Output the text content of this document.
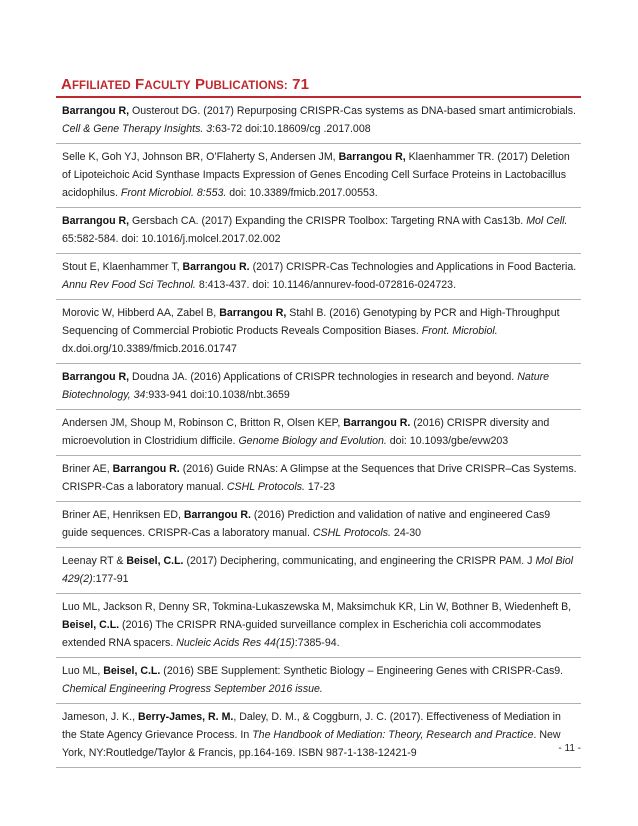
AFFILIATED FACULTY PUBLICATIONS: 71
Barrangou R, Ousterout DG. (2017) Repurposing CRISPR-Cas systems as DNA-based smart antimicrobials. Cell & Gene Therapy Insights. 3:63-72 doi:10.18609/cg .2017.008
Selle K, Goh YJ, Johnson BR, O’Flaherty S, Andersen JM, Barrangou R, Klaenhammer TR. (2017) Deletion of Lipoteichoic Acid Synthase Impacts Expression of Genes Encoding Cell Surface Proteins in Lactobacillus acidophilus. Front Microbiol. 8:553. doi: 10.3389/fmicb.2017.00553.
Barrangou R, Gersbach CA. (2017) Expanding the CRISPR Toolbox: Targeting RNA with Cas13b. Mol Cell. 65:582-584. doi: 10.1016/j.molcel.2017.02.002
Stout E, Klaenhammer T, Barrangou R. (2017) CRISPR-Cas Technologies and Applications in Food Bacteria. Annu Rev Food Sci Technol. 8:413-437. doi: 10.1146/annurev-food-072816-024723.
Morovic W, Hibberd AA, Zabel B, Barrangou R, Stahl B. (2016) Genotyping by PCR and High-Throughput Sequencing of Commercial Probiotic Products Reveals Composition Biases. Front. Microbiol. dx.doi.org/10.3389/fmicb.2016.01747
Barrangou R, Doudna JA. (2016) Applications of CRISPR technologies in research and beyond. Nature Biotechnology, 34:933-941 doi:10.1038/nbt.3659
Andersen JM, Shoup M, Robinson C, Britton R, Olsen KEP, Barrangou R. (2016) CRISPR diversity and microevolution in Clostridium difficile. Genome Biology and Evolution. doi: 10.1093/gbe/evw203
Briner AE, Barrangou R. (2016) Guide RNAs: A Glimpse at the Sequences that Drive CRISPR–Cas Systems. CRISPR-Cas a laboratory manual. CSHL Protocols. 17-23
Briner AE, Henriksen ED, Barrangou R. (2016) Prediction and validation of native and engineered Cas9 guide sequences. CRISPR-Cas a laboratory manual. CSHL Protocols. 24-30
Leenay RT & Beisel, C.L. (2017) Deciphering, communicating, and engineering the CRISPR PAM. J Mol Biol 429(2):177-91
Luo ML, Jackson R, Denny SR, Tokmina-Lukaszewska M, Maksimchuk KR, Lin W, Bothner B, Wiedenheft B, Beisel, C.L. (2016) The CRISPR RNA-guided surveillance complex in Escherichia coli accommodates extended RNA spacers. Nucleic Acids Res 44(15):7385-94.
Luo ML, Beisel, C.L. (2016) SBE Supplement: Synthetic Biology – Engineering Genes with CRISPR-Cas9. Chemical Engineering Progress September 2016 issue.
Jameson, J. K., Berry-James, R. M., Daley, D. M., & Coggburn, J. C. (2017). Effectiveness of Mediation in the State Agency Grievance Process. In The Handbook of Mediation: Theory, Research and Practice. New York, NY:Routledge/Taylor & Francis, pp.164-169. ISBN 987-1-138-12421-9	- 11 -
